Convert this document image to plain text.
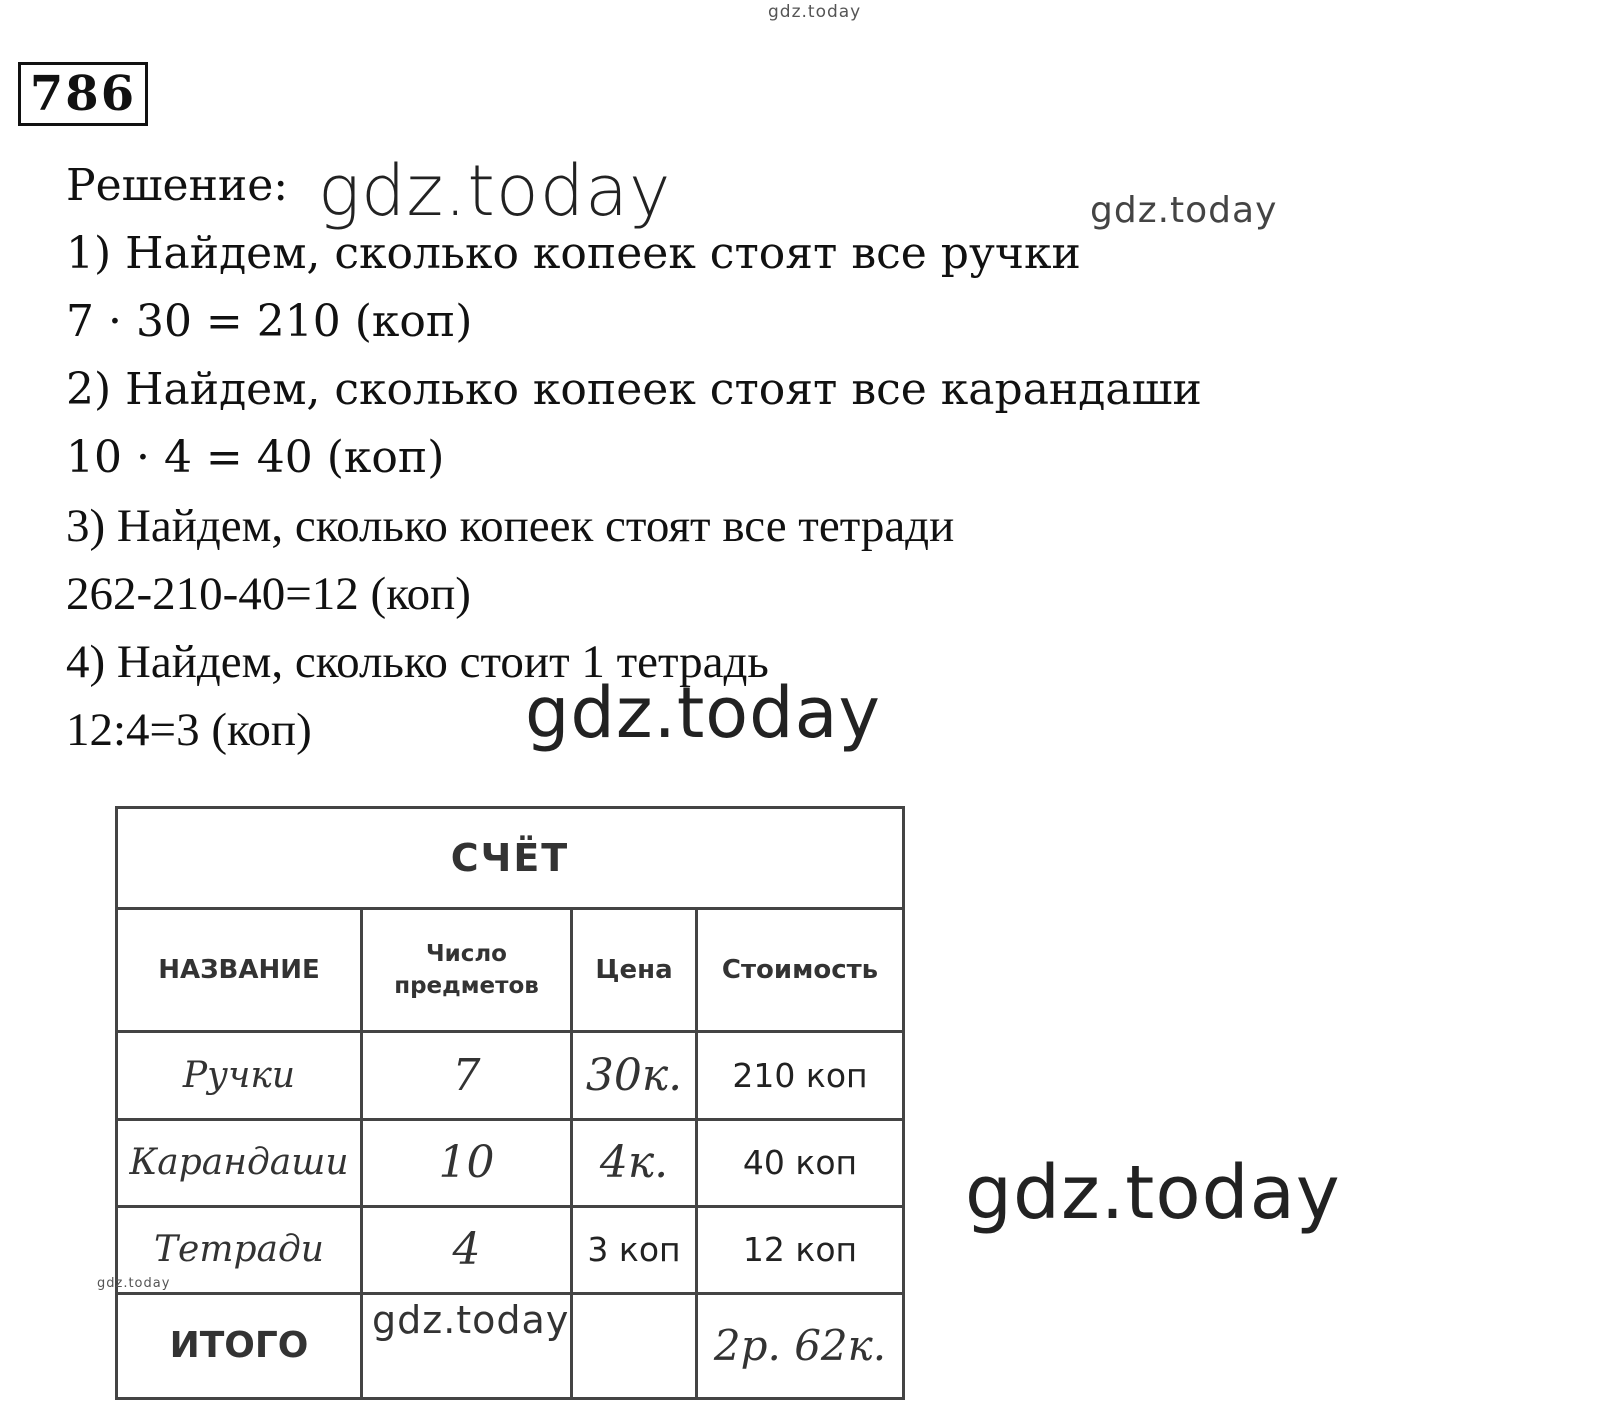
gdz.today
786
Решение:
1) Найдем, сколько копеек стоят все ручки
7 · 30 = 210 (коп)
2) Найдем, сколько копеек стоят все карандаши
10 · 4 = 40 (коп)
3) Найдем, сколько копеек стоят все тетради
262-210-40=12 (коп)
4) Найдем, сколько стоит 1 тетрадь
12:4=3 (коп)
gdz.today	gdz.today
gdz.today
СЧЁТ			
НАЗВАНИЕ	Число предметов	Цена	Стоимость
Ручки	7	30к.	210 коп
Карандаши	10	4к.	40 коп
Тетради	4	3 коп	12 коп
ИТОГО			2р. 62к.
gdz.today
gdz.today
gdz.today
